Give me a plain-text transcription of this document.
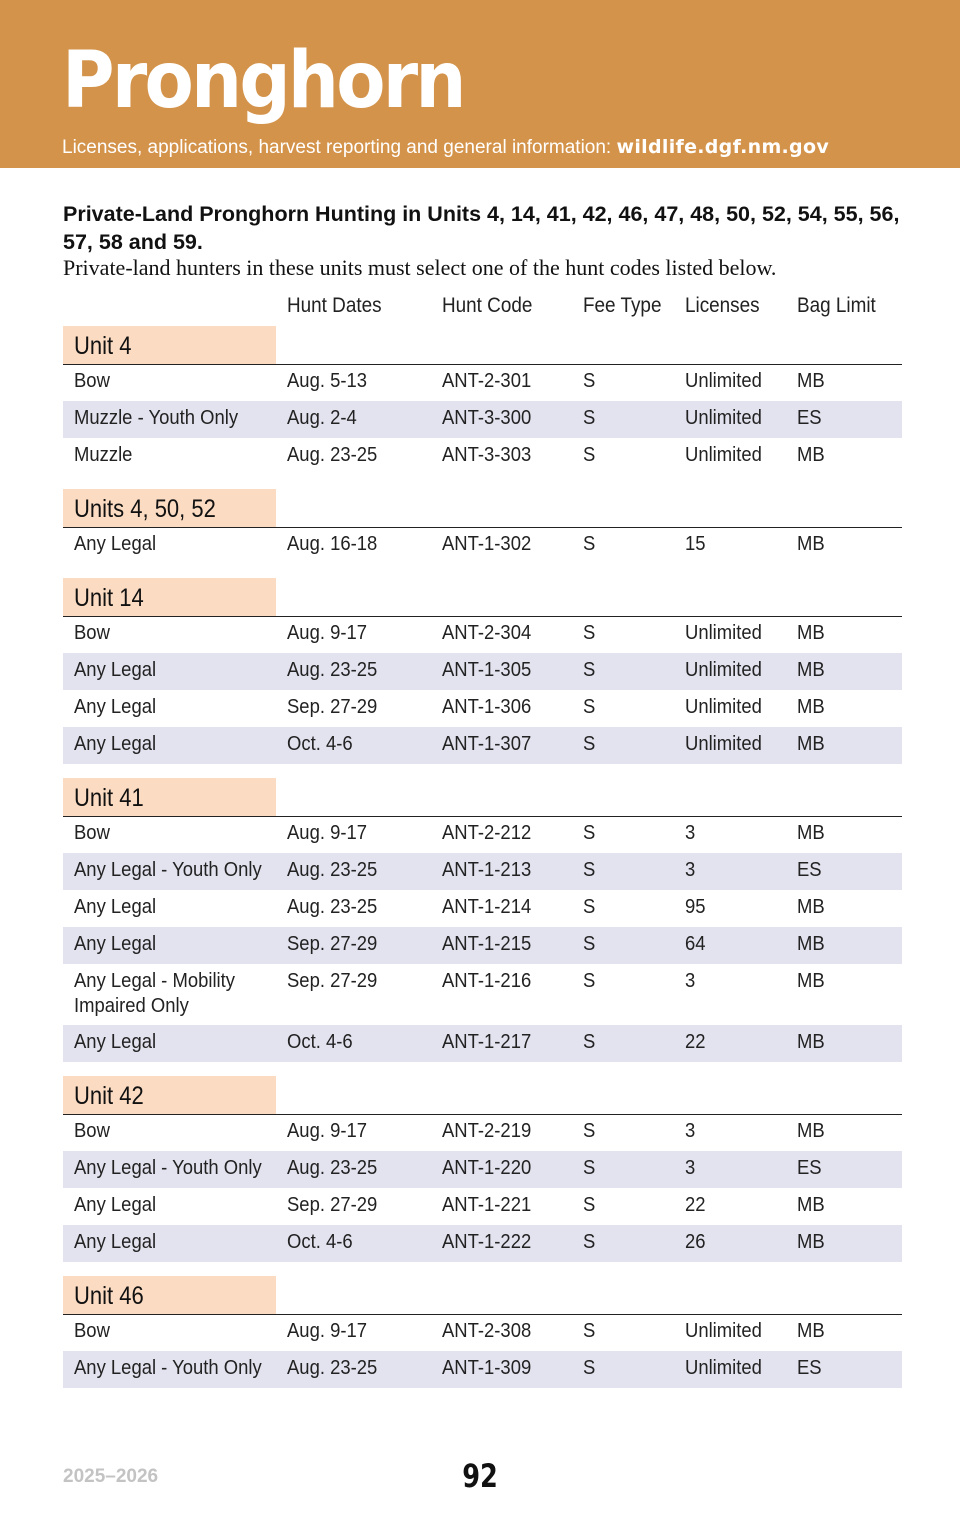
Pronghorn
Licenses, applications, harvest reporting and general information: wildlife.dgf.nm.gov
Private-Land Pronghorn Hunting in Units 4, 14, 41, 42, 46, 47, 48, 50, 52, 54, 55, 56, 57, 58 and 59.
Private-land hunters in these units must select one of the hunt codes listed below.
Hunt Dates	Hunt Code Fee Type Licenses Bag Limit
Unit 4
Bow	Aug. 5-13	ANT-2-301	S	Unlimited MB
Muzzle - Youth Only Aug. 2-4	ANT-3-300	S	Unlimited ES
Muzzle	Aug. 23-25	ANT-3-303	S	Unlimited MB
Units 4, 50, 52
Any Legal	Aug. 16-18	ANT-1-302	S	15	MB
Unit 14
Bow	Aug. 9-17	ANT-2-304	S	Unlimited MB
Any Legal	Aug. 23-25	ANT-1-305	S	Unlimited MB
Any Legal	Sep. 27-29	ANT-1-306	S	Unlimited MB
Any Legal	Oct. 4-6	ANT-1-307	S	Unlimited MB
Unit 41
Bow	Aug. 9-17	ANT-2-212	S	3	MB
Any Legal - Youth Only Aug. 23-25	ANT-1-213	S	3	ES
Any Legal	Aug. 23-25	ANT-1-214	S	95	MB
Any Legal	Sep. 27-29	ANT-1-215	S	64	MB
Any Legal - Mobility Impaired Only
Sep. 27-29	ANT-1-216	S	3	MB
Any Legal	Oct. 4-6	ANT-1-217	S	22	MB
Unit 42
Bow	Aug. 9-17	ANT-2-219	S	3	MB
Any Legal - Youth Only Aug. 23-25	ANT-1-220	S	3	ES
Any Legal	Sep. 27-29	ANT-1-221	S	22	MB
Any Legal	Oct. 4-6	ANT-1-222	S	26	MB
Unit 46
Bow	Aug. 9-17	ANT-2-308	S	Unlimited MB
Any Legal - Youth Only Aug. 23-25	ANT-1-309	S	Unlimited ES
2025–2026	92
